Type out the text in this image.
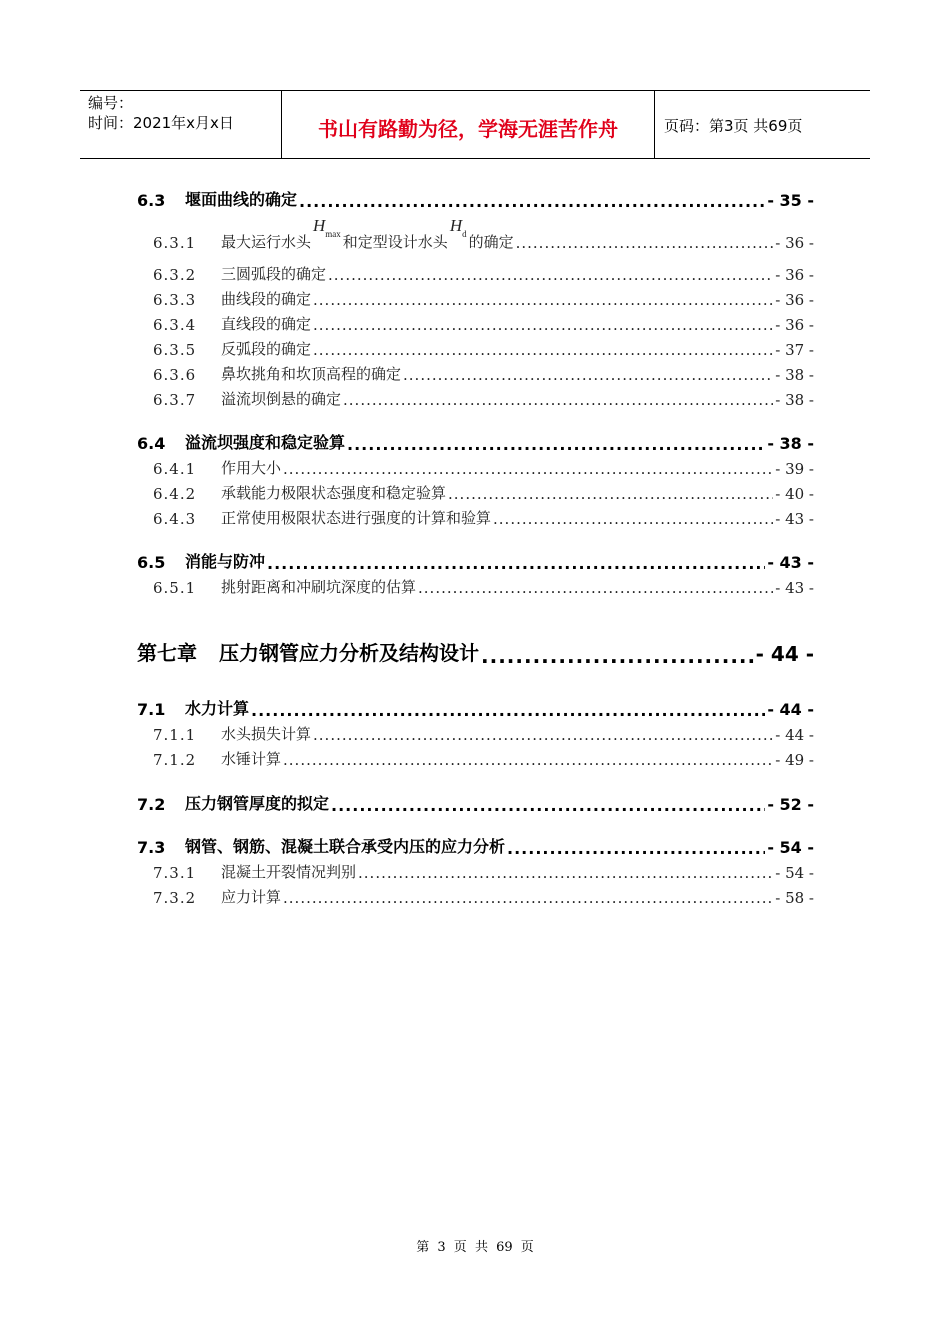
编号：
时间：2021年x月x日	书山有路勤为径，学海无涯苦作舟	页码：第3页 共69页
6.3	堰面曲线的确定 .....	- 35 -
6.3.1	最大运行水头$H_{max}$ 和定型设计水头$H_d$ 的确定 .....	- 36 -
6.3.2	三圆弧段的确定 .....	- 36 -
6.3.3	曲线段的确定 .....	- 36 -
6.3.4	直线段的确定 .....	- 36 -
6.3.5	反弧段的确定 .....	- 37 -
6.3.6	鼻坎挑角和坎顶高程的确定 .....	- 38 -
6.3.7	溢流坝倒悬的确定 .....	- 38 -
6.4	溢流坝强度和稳定验算 .....	- 38 -
6.4.1	作用大小 .....	- 39 -
6.4.2	承载能力极限状态强度和稳定验算 .....	- 40 -
6.4.3	正常使用极限状态进行强度的计算和验算 .....	- 43 -
6.5	消能与防冲 .....	- 43 -
6.5.1	挑射距离和冲刷坑深度的估算 .....	- 43 -
第七章 压力钢管应力分析及结构设计 .....	- 44 -
7.1	水力计算 .....	- 44 -
7.1.1	水头损失计算 .....	- 44 -
7.1.2	水锤计算 .....	- 49 -
7.2	压力钢管厚度的拟定 .....	- 52 -
7.3	钢管、钢筋、混凝土联合承受内压的应力分析 .....	- 54 -
7.3.1	混凝土开裂情况判别 .....	- 54 -
7.3.2	应力计算 .....	- 58 -
第 3 页 共 69 页
